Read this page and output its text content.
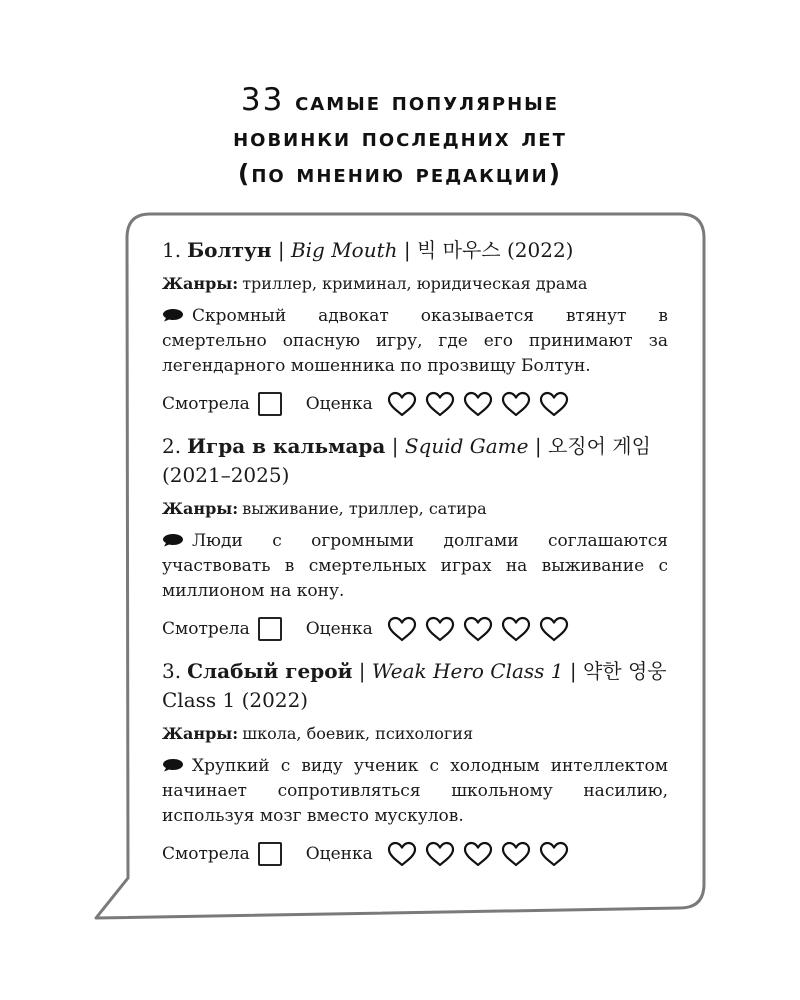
33 самые популярные
новинки последних лет
(по мнению редакции)
1. Болтун | Big Mouth | 빅 마우스 (2022)
Жанры: триллер, криминал, юридическая драма
Скромный адвокат оказывается втянут в смертельно опасную игру, где его принимают за легендарного мошенника по прозвищу Болтун.
Смотрела	Оценка
2. Игра в кальмара | Squid Game | 오징어 게임 (2021–2025)
Жанры: выживание, триллер, сатира
Люди с огромными долгами соглашаются участвовать в смертельных играх на выживание с миллионом на кону.
Смотрела	Оценка
3. Слабый герой | Weak Hero Class 1 | 약한 영웅 Class 1 (2022)
Жанры: школа, боевик, психология
Хрупкий с виду ученик с холодным интеллектом начинает сопротивляться школьному насилию, используя мозг вместо мускулов.
Смотрела	Оценка
